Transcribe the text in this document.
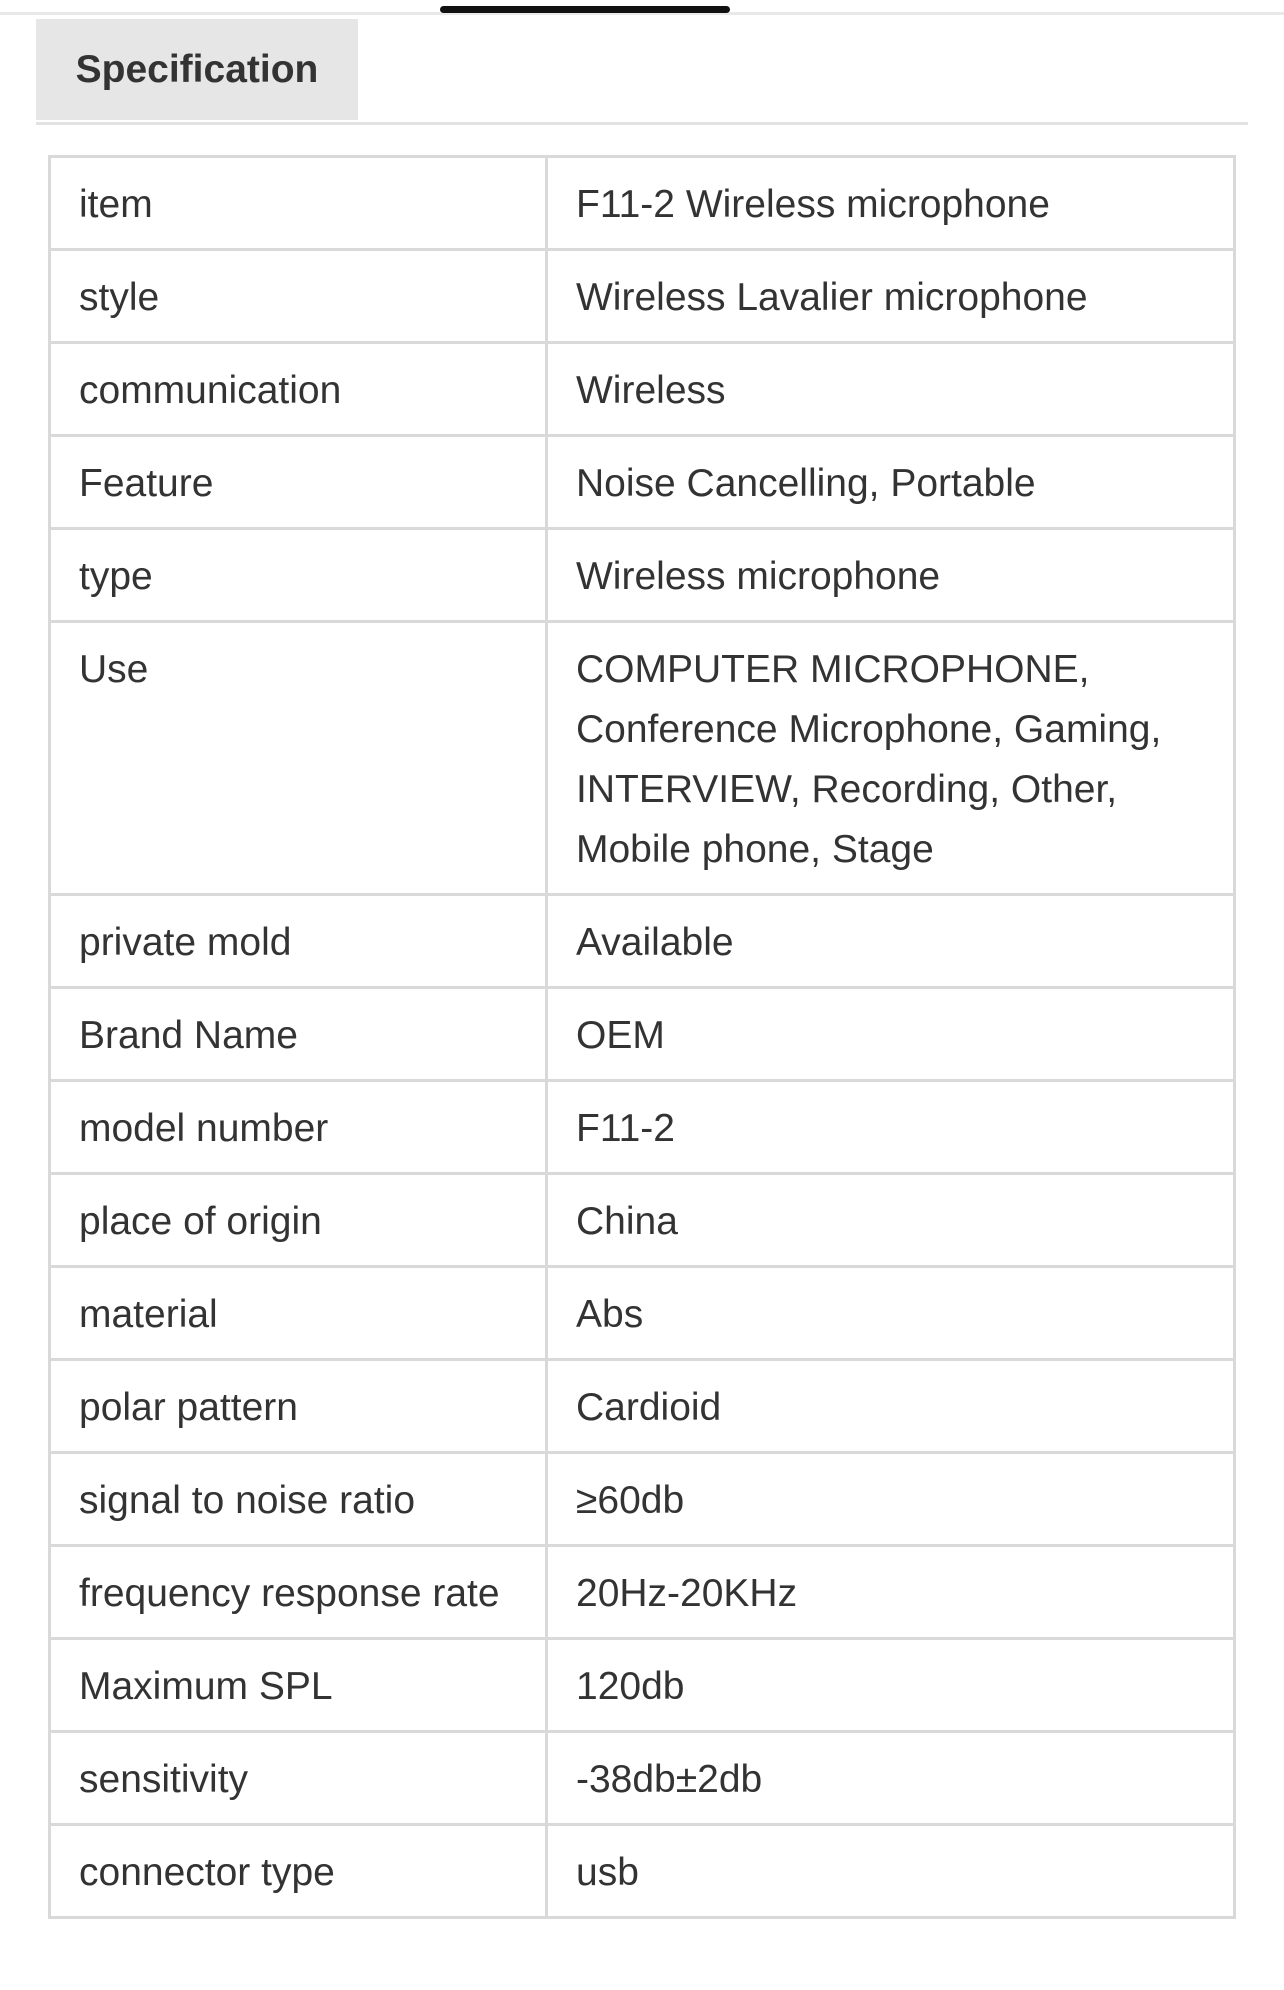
Specification
item	F11-2 Wireless microphone
style	Wireless Lavalier microphone
communication	Wireless
Feature	Noise Cancelling, Portable
type	Wireless microphone
Use	COMPUTER MICROPHONE, Conference Microphone, Gaming, INTERVIEW, Recording, Other, Mobile phone, Stage
private mold	Available
Brand Name	OEM
model number	F11-2
place of origin	China
material	Abs
polar pattern	Cardioid
signal to noise ratio	≥60db
frequency response rate	20Hz-20KHz
Maximum SPL	120db
sensitivity	-38db±2db
connector type	usb
